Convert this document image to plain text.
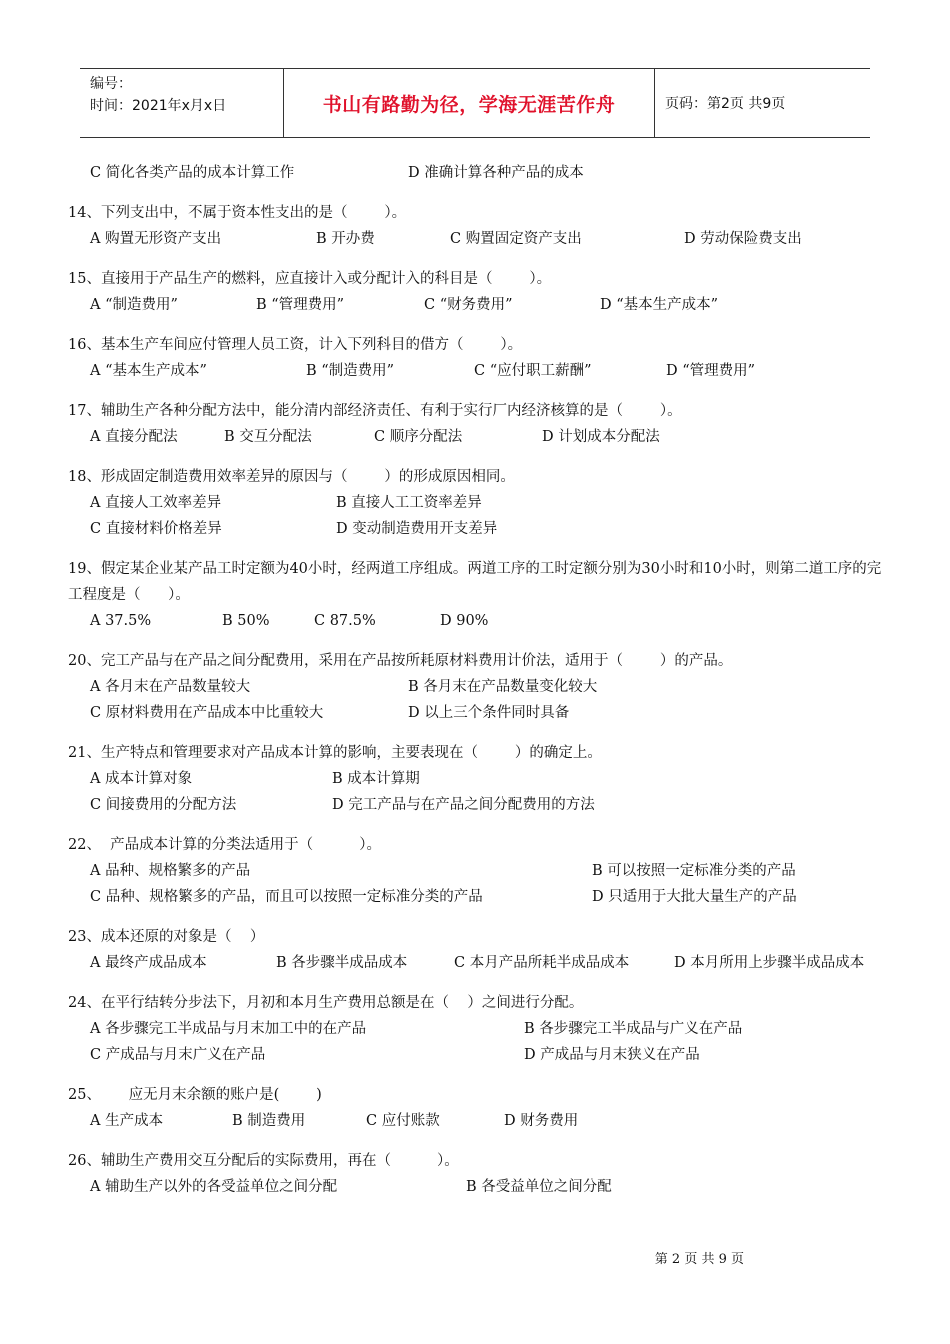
编号：
时间：2021年x月x日	书山有路勤为径，学海无涯苦作舟	页码：第2页 共9页
C 简化各类产品的成本计算工作	D 准确计算各种产品的成本
14、下列支出中，不属于资本性支出的是（        ）。
A 购置无形资产支出	B 开办费	C 购置固定资产支出	D 劳动保险费支出
15、直接用于产品生产的燃料，应直接计入或分配计入的科目是（        ）。
A “制造费用”	B “管理费用”	C “财务费用”	D “基本生产成本”
16、基本生产车间应付管理人员工资，计入下列科目的借方（        ）。
A “基本生产成本”	B “制造费用”	C “应付职工薪酬”	D “管理费用”
17、辅助生产各种分配方法中，能分清内部经济责任、有利于实行厂内经济核算的是（        ）。
A 直接分配法	B 交互分配法	C 顺序分配法	D 计划成本分配法
18、形成固定制造费用效率差异的原因与（        ）的形成原因相同。
A 直接人工效率差异	B 直接人工工资率差异
C 直接材料价格差异	D 变动制造费用开支差异
19、假定某企业某产品工时定额为40小时，经两道工序组成。两道工序的工时定额分别为30小时和10小时，则第二道工序的完工程度是（      ）。
A 37.5%	B 50%	C 87.5%	D 90%
20、完工产品与在产品之间分配费用，采用在产品按所耗原材料费用计价法，适用于（        ）的产品。
A 各月末在产品数量较大	B 各月末在产品数量变化较大
C 原材料费用在产品成本中比重较大	D 以上三个条件同时具备
21、生产特点和管理要求对产品成本计算的影响，主要表现在（        ）的确定上。
A 成本计算对象	B 成本计算期
C 间接费用的分配方法	D 完工产品与在产品之间分配费用的方法
22、  产品成本计算的分类法适用于（          ）。
A 品种、规格繁多的产品	B 可以按照一定标准分类的产品
C 品种、规格繁多的产品，而且可以按照一定标准分类的产品	D 只适用于大批大量生产的产品
23、成本还原的对象是（    ）
A 最终产成品成本	B 各步骤半成品成本	C 本月产品所耗半成品成本	D 本月所用上步骤半成品成本
24、在平行结转分步法下，月初和本月生产费用总额是在（    ）之间进行分配。
A 各步骤完工半成品与月末加工中的在产品	B 各步骤完工半成品与广义在产品
C 产成品与月末广义在产品	D 产成品与月末狭义在产品
25、      应无月末余额的账户是(        )
A 生产成本	B 制造费用	C 应付账款	D 财务费用
26、辅助生产费用交互分配后的实际费用，再在（          ）。
A 辅助生产以外的各受益单位之间分配	B 各受益单位之间分配
第 2 页 共 9 页
